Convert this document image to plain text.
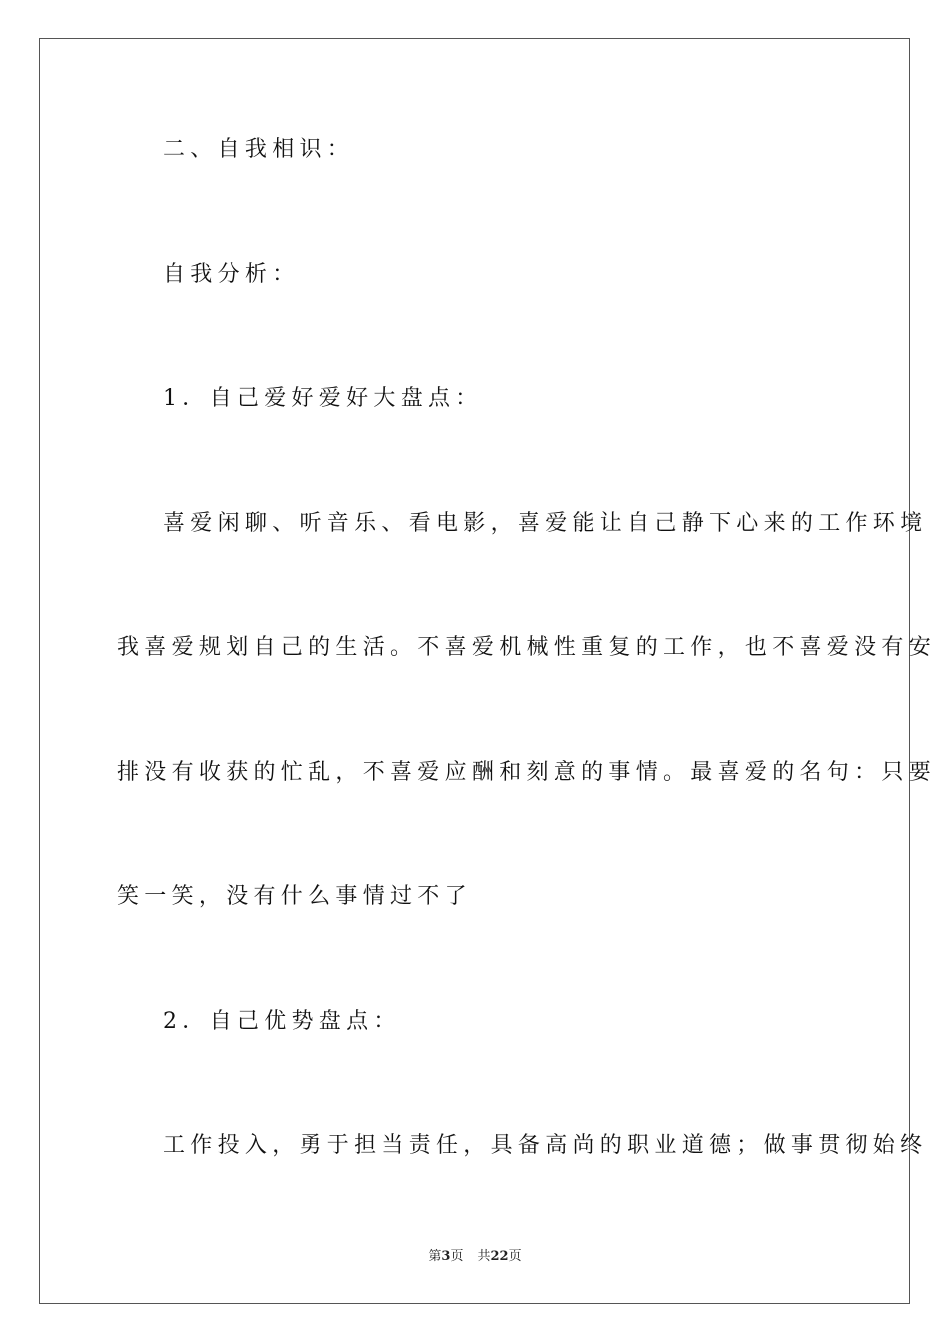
二、自我相识：
自我分析：
1．自己爱好爱好大盘点：
喜爱闲聊、听音乐、看电影，喜爱能让自己静下心来的工作环境
我喜爱规划自己的生活。不喜爱机械性重复的工作，也不喜爱没有安
排没有收获的忙乱，不喜爱应酬和刻意的事情。最喜爱的名句：只要
笑一笑，没有什么事情过不了
2．自己优势盘点：
工作投入，勇于担当责任，具备高尚的职业道德；做事贯彻始终
第3页 共22页
